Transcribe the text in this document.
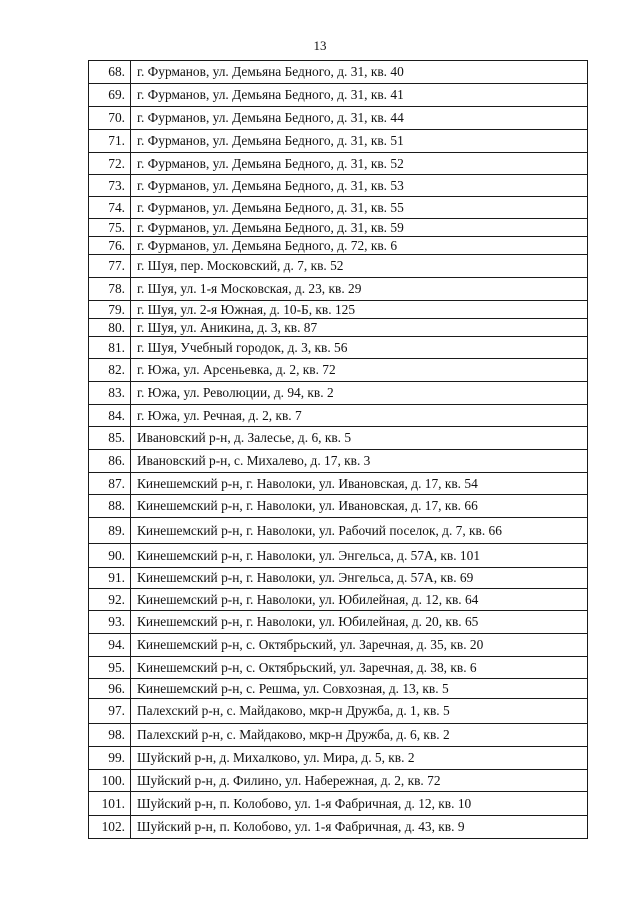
13
68.	г. Фурманов, ул. Демьяна Бедного, д. 31, кв. 40
69.	г. Фурманов, ул. Демьяна Бедного, д. 31, кв. 41
70.	г. Фурманов, ул. Демьяна Бедного, д. 31, кв. 44
71.	г. Фурманов, ул. Демьяна Бедного, д. 31, кв. 51
72.	г. Фурманов, ул. Демьяна Бедного, д. 31, кв. 52
73.	г. Фурманов, ул. Демьяна Бедного, д. 31, кв. 53
74.	г. Фурманов, ул. Демьяна Бедного, д. 31, кв. 55
75.	г. Фурманов, ул. Демьяна Бедного, д. 31, кв. 59
76.	г. Фурманов, ул. Демьяна Бедного, д. 72, кв. 6
77.	г. Шуя, пер. Московский, д. 7, кв. 52
78.	г. Шуя, ул. 1-я Московская, д. 23, кв. 29
79.	г. Шуя, ул. 2-я Южная, д. 10-Б, кв. 125
80.	г. Шуя, ул. Аникина, д. 3, кв. 87
81.	г. Шуя, Учебный городок, д. 3, кв. 56
82.	г. Южа, ул. Арсеньевка, д. 2, кв. 72
83.	г. Южа, ул. Революции, д. 94, кв. 2
84.	г. Южа, ул. Речная, д. 2, кв. 7
85.	Ивановский р-н, д. Залесье, д. 6, кв. 5
86.	Ивановский р-н, с. Михалево, д. 17, кв. 3
87.	Кинешемский р-н, г. Наволоки, ул. Ивановская, д. 17, кв. 54
88.	Кинешемский р-н, г. Наволоки, ул. Ивановская, д. 17, кв. 66
89.	Кинешемский р-н, г. Наволоки, ул. Рабочий поселок, д. 7, кв. 66
90.	Кинешемский р-н, г. Наволоки, ул. Энгельса, д. 57А, кв. 101
91.	Кинешемский р-н, г. Наволоки, ул. Энгельса, д. 57А, кв. 69
92.	Кинешемский р-н, г. Наволоки, ул. Юбилейная, д. 12, кв. 64
93.	Кинешемский р-н, г. Наволоки, ул. Юбилейная, д. 20, кв. 65
94.	Кинешемский р-н, с. Октябрьский, ул. Заречная, д. 35, кв. 20
95.	Кинешемский р-н, с. Октябрьский, ул. Заречная, д. 38, кв. 6
96.	Кинешемский р-н, с. Решма, ул. Совхозная, д. 13, кв. 5
97.	Палехский р-н, с. Майдаково, мкр-н Дружба, д. 1, кв. 5
98.	Палехский р-н, с. Майдаково, мкр-н Дружба, д. 6, кв. 2
99.	Шуйский р-н, д. Михалково, ул. Мира, д. 5, кв. 2
100.	Шуйский р-н, д. Филино, ул. Набережная, д. 2, кв. 72
101.	Шуйский р-н, п. Колобово, ул. 1-я Фабричная, д. 12, кв. 10
102.	Шуйский р-н, п. Колобово, ул. 1-я Фабричная, д. 43, кв. 9
